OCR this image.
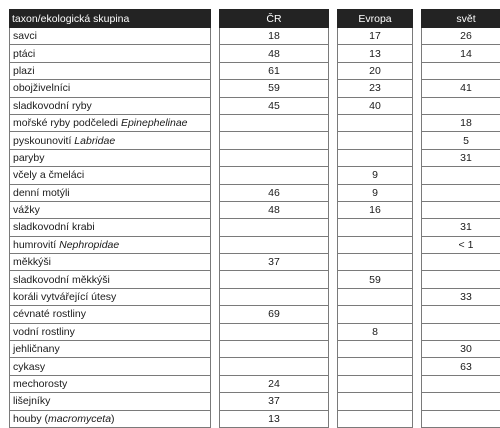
taxon/ekologická skupina		ČR		Evropa		svět
savci		18		17		26
ptáci		48		13		14
plazi		61		20		
obojživelníci		59		23		41
sladkovodní ryby		45		40		
mořské ryby podčeledi Epinephelinae						18
pyskounovití Labridae						5
paryby						31
včely a čmeláci				9		
denní motýli		46		9		
vážky		48		16		
sladkovodní krabi						31
humrovití Nephropidae						< 1
měkkýši		37				
sladkovodní měkkýši				59		
koráli vytvářející útesy						33
cévnaté rostliny		69				
vodní rostliny				8		
jehličnany						30
cykasy						63
mechorosty		24				
lišejníky		37				
houby (macromyceta)		13				
